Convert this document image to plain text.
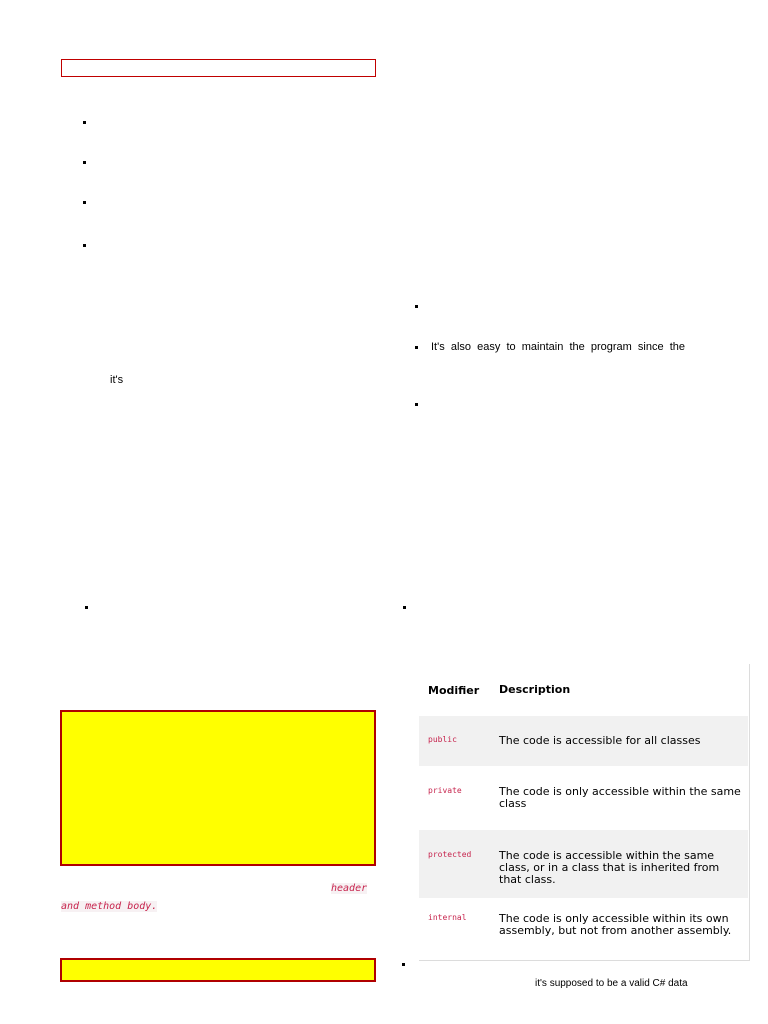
it's
It's  also  easy  to  maintain  the  program  since  the
header
and method body.
it's supposed to be a valid C# data
Modifier Description
public	The code is accessible for all classes
private	The code is only accessible within the same class
protected	The code is accessible within the same class, or in a class that is inherited from that class.
internal	The code is only accessible within its own assembly, but not from another assembly.
